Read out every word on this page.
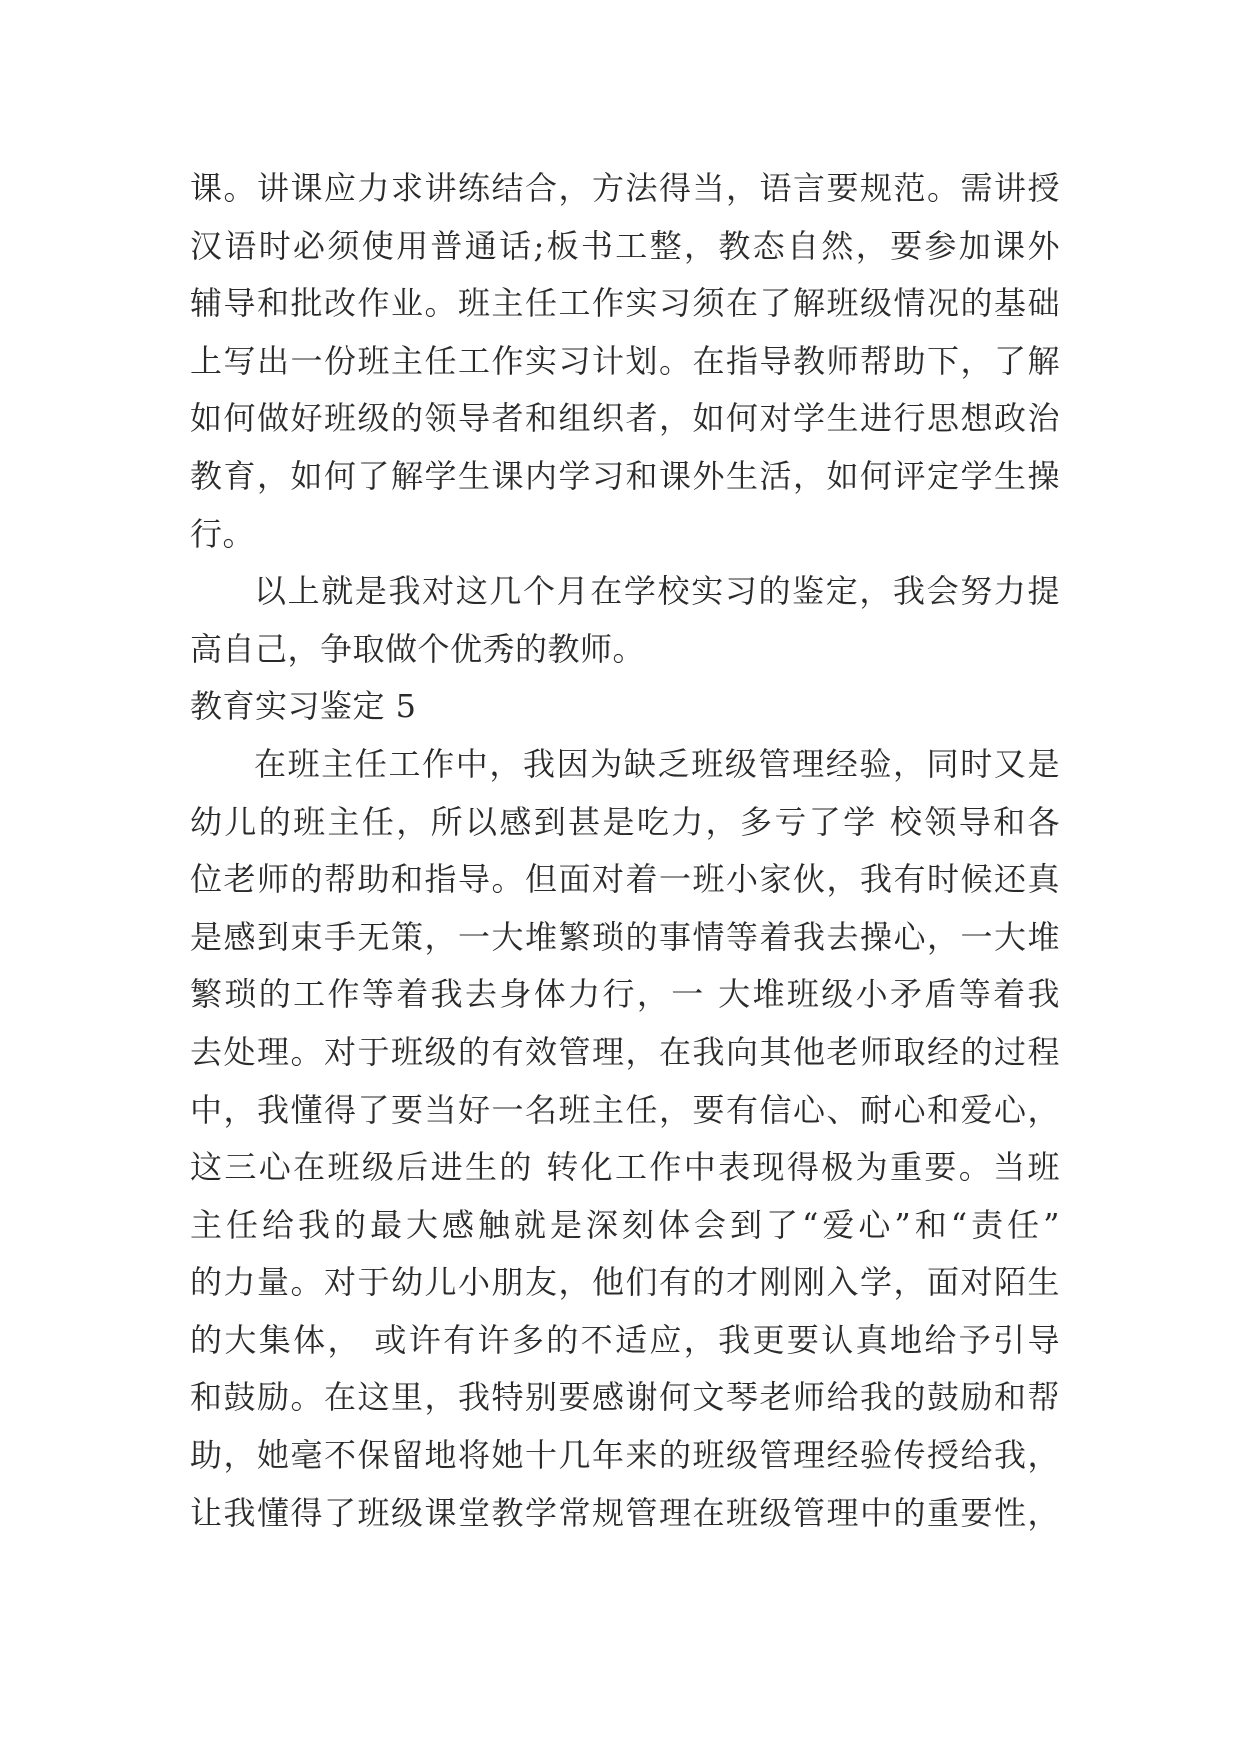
课。讲课应力求讲练结合，方法得当，语言要规范。需讲授
汉语时必须使用普通话;板书工整，教态自然，要参加课外
辅导和批改作业。班主任工作实习须在了解班级情况的基础
上写出一份班主任工作实习计划。在指导教师帮助下，了解
如何做好班级的领导者和组织者，如何对学生进行思想政治
教育，如何了解学生课内学习和课外生活，如何评定学生操
行。
以上就是我对这几个月在学校实习的鉴定，我会努力提
高自己，争取做个优秀的教师。
教育实习鉴定 5
在班主任工作中，我因为缺乏班级管理经验，同时又是
幼儿的班主任，所以感到甚是吃力，多亏了学 校领导和各
位老师的帮助和指导。但面对着一班小家伙，我有时候还真
是感到束手无策，一大堆繁琐的事情等着我去操心，一大堆
繁琐的工作等着我去身体力行，一 大堆班级小矛盾等着我
去处理。对于班级的有效管理，在我向其他老师取经的过程
中，我懂得了要当好一名班主任，要有信心、耐心和爱心，
这三心在班级后进生的 转化工作中表现得极为重要。当班
主任给我的最大感触就是深刻体会到了“爱心”和“责任”
的力量。对于幼儿小朋友，他们有的才刚刚入学，面对陌生
的大集体， 或许有许多的不适应，我更要认真地给予引导
和鼓励。在这里，我特别要感谢何文琴老师给我的鼓励和帮
助，她毫不保留地将她十几年来的班级管理经验传授给我，
让我懂得了班级课堂教学常规管理在班级管理中的重要性，
